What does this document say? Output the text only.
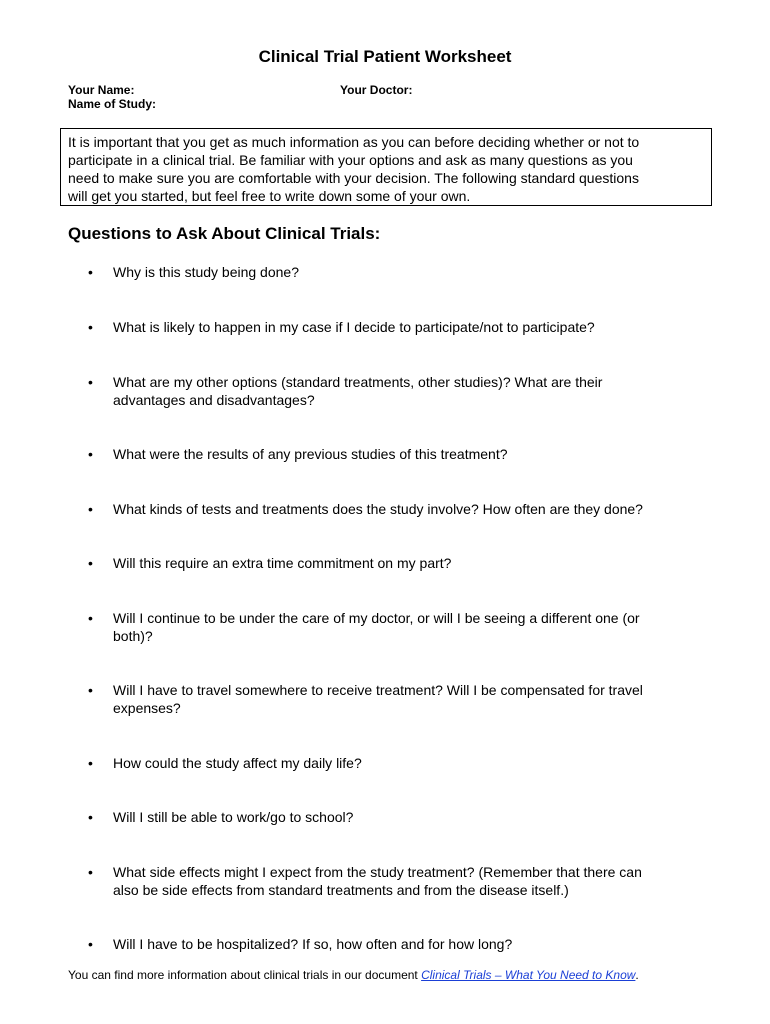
Clinical Trial Patient Worksheet
Your Name:	Your Doctor:
Name of Study:
It is important that you get as much information as you can before deciding whether or not to
participate in a clinical trial. Be familiar with your options and ask as many questions as you
need to make sure you are comfortable with your decision. The following standard questions
will get you started, but feel free to write down some of your own.
Questions to Ask About Clinical Trials:
• Why is this study being done?
• What is likely to happen in my case if I decide to participate/not to participate?
• What are my other options (standard treatments, other studies)? What are their
advantages and disadvantages?
• What were the results of any previous studies of this treatment?
• What kinds of tests and treatments does the study involve? How often are they done?
• Will this require an extra time commitment on my part?
• Will I continue to be under the care of my doctor, or will I be seeing a different one (or
both)?
• Will I have to travel somewhere to receive treatment? Will I be compensated for travel
expenses?
• How could the study affect my daily life?
• Will I still be able to work/go to school?
• What side effects might I expect from the study treatment? (Remember that there can
also be side effects from standard treatments and from the disease itself.)
• Will I have to be hospitalized? If so, how often and for how long?
You can find more information about clinical trials in our document Clinical Trials – What You Need to Know.
